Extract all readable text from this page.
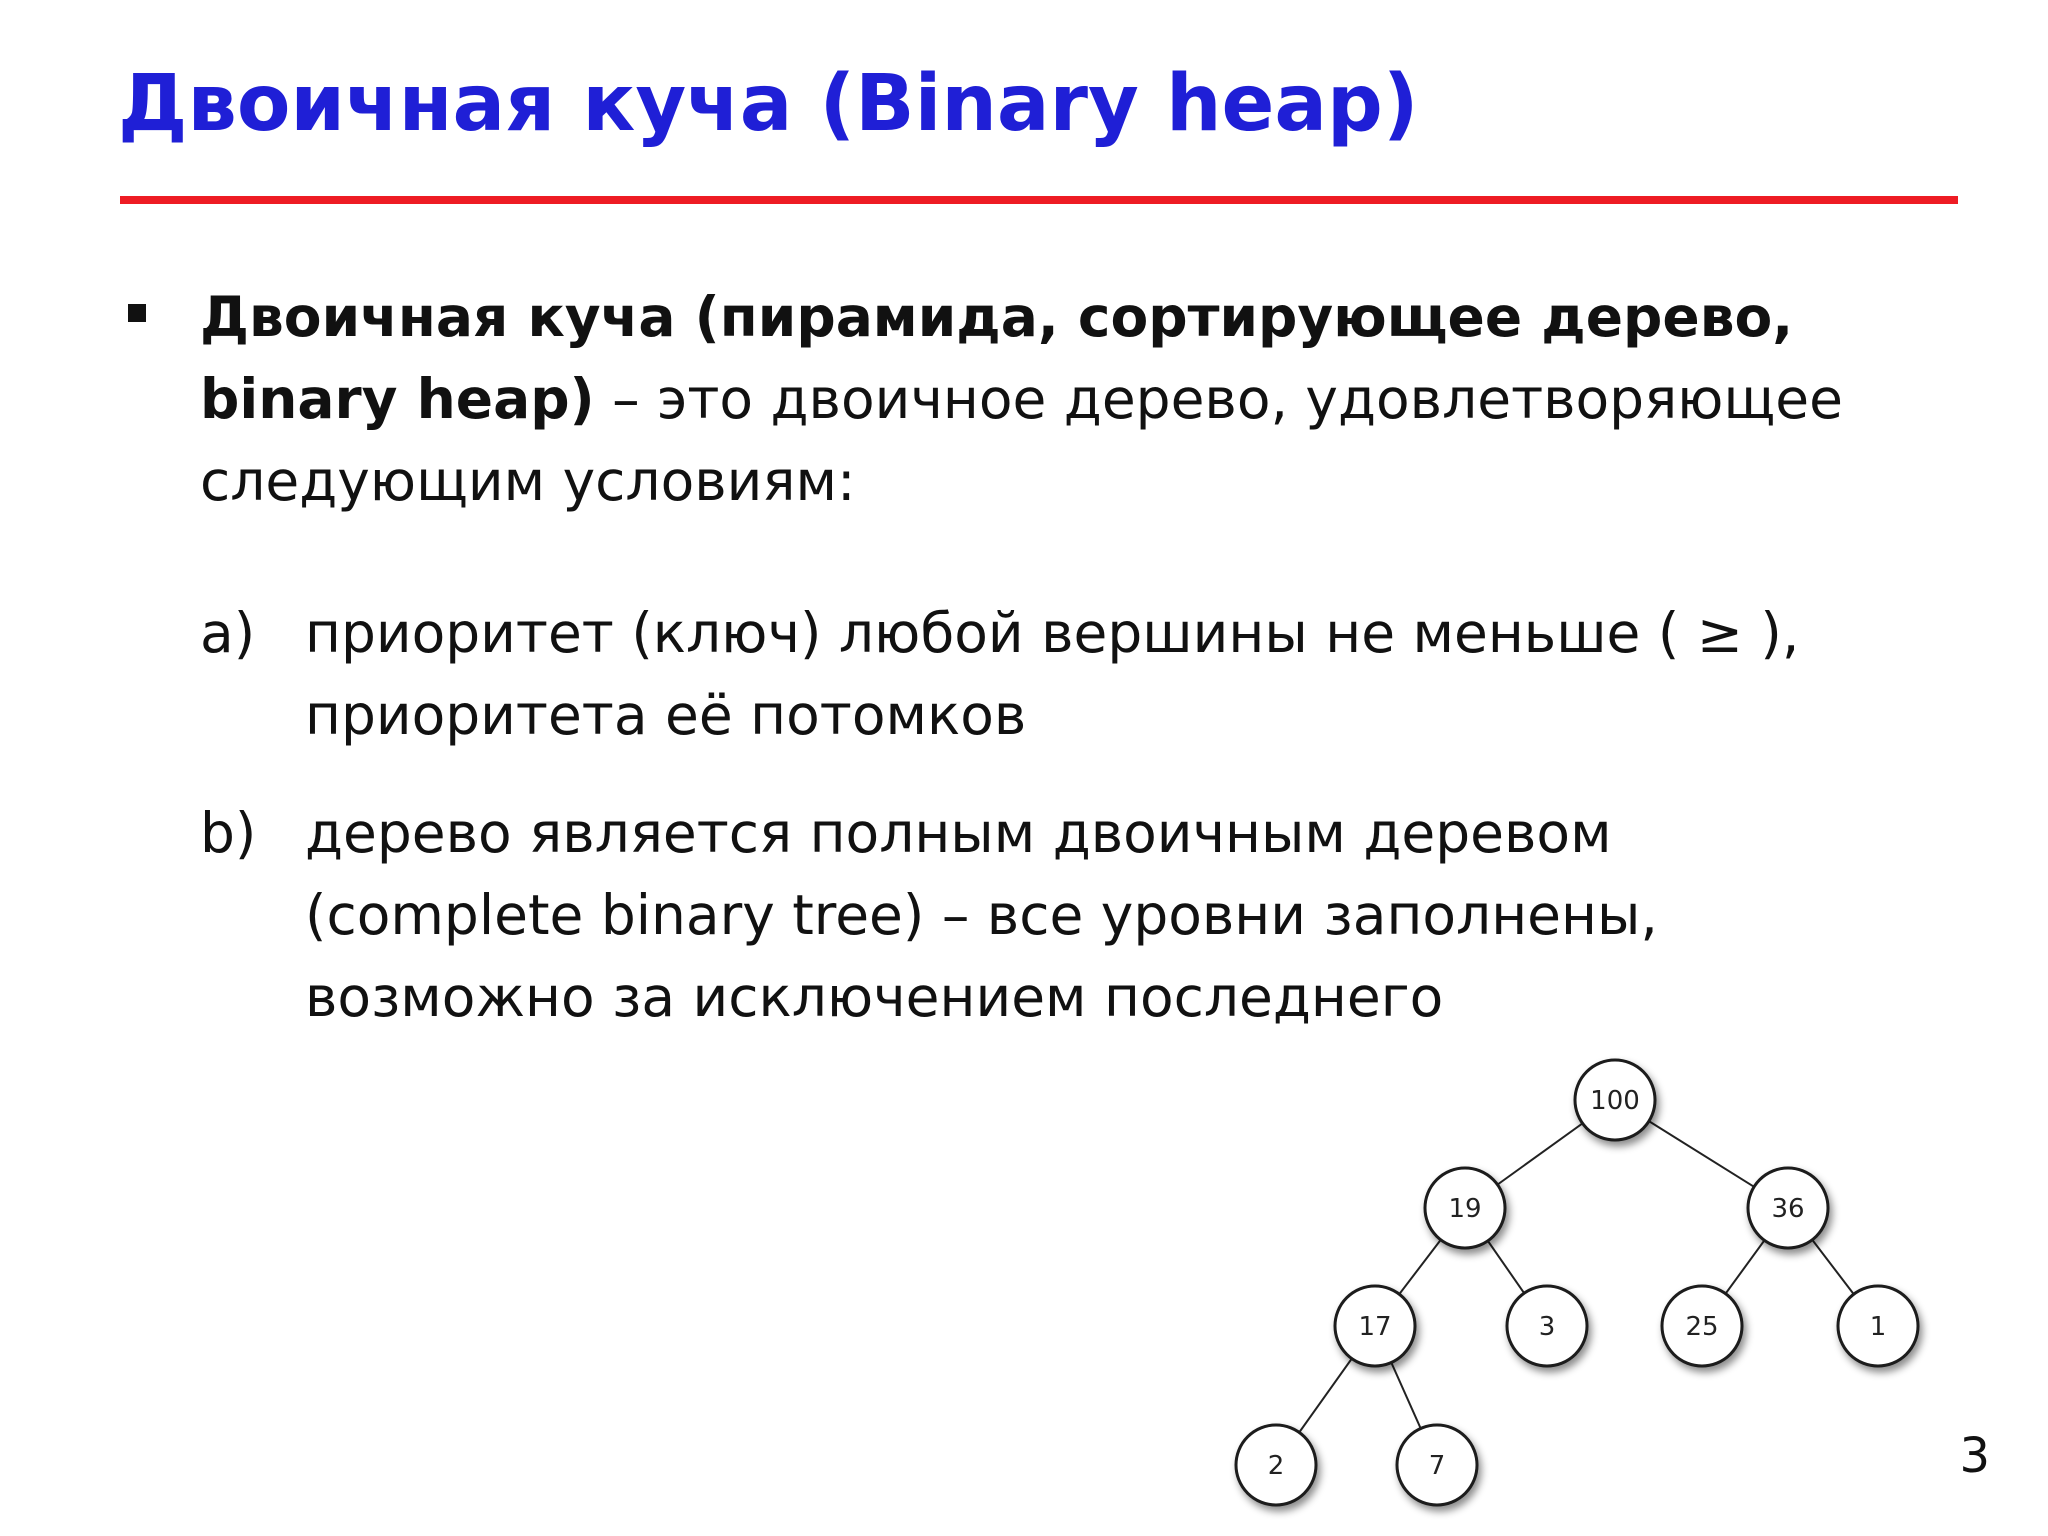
Двоичная куча (Binary heap)

Двоичная куча (пирамида, сортирующее дерево, binary heap) – это двоичное дерево, удовлетворяющее следующим условиям:

a) приоритет (ключ) любой вершины не меньше ( ≥ ), приоритета её потомков
b) дерево является полным двоичным деревом (complete binary tree) – все уровни заполнены, возможно за исключением последнего
100
19	36
17	3	25	1
2	7	3
